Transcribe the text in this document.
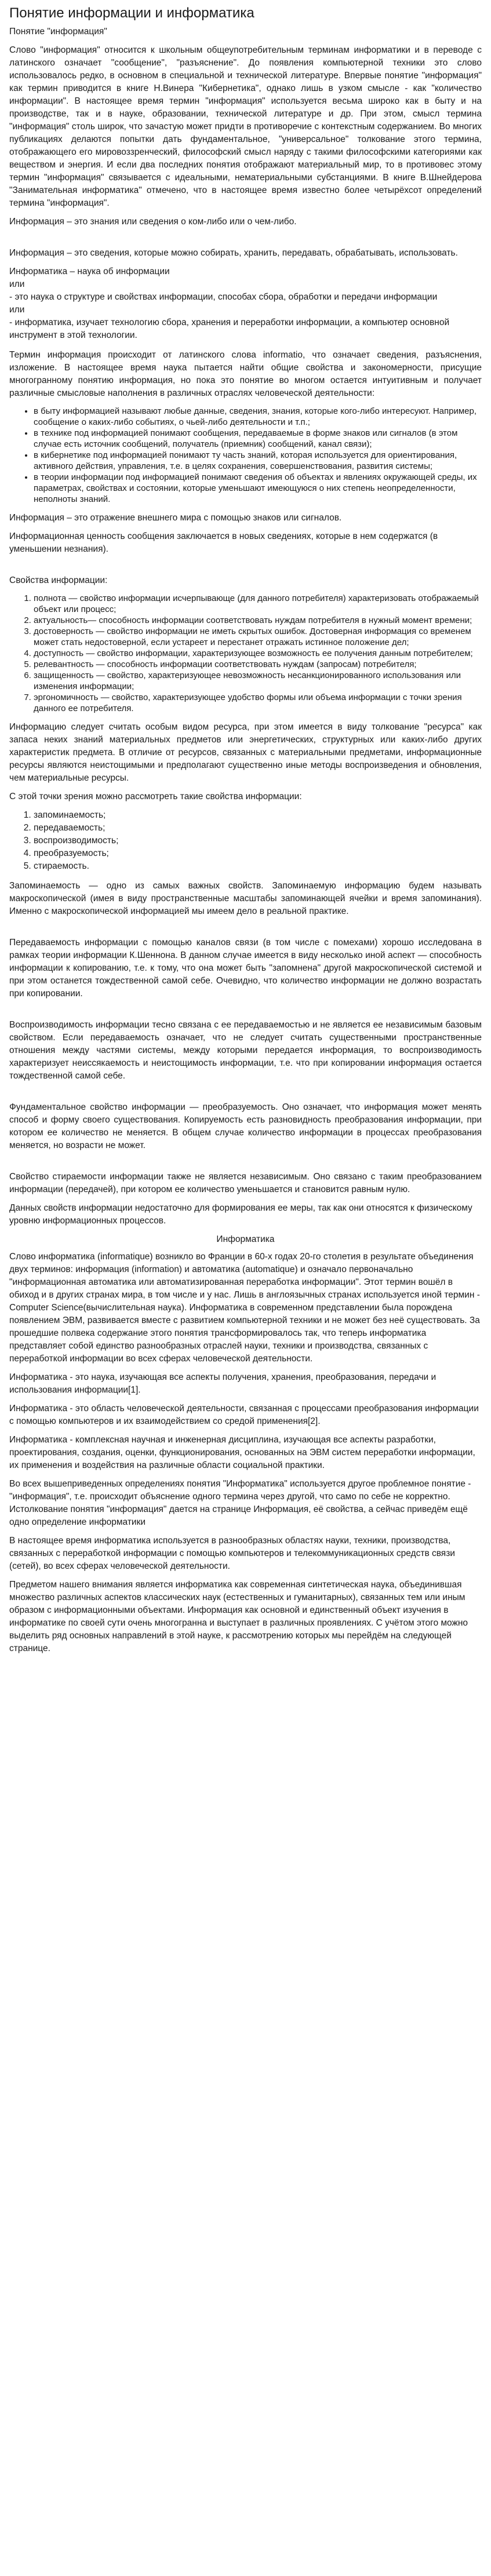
Понятие информации и информатика

Понятие "информация"

Слово "информация" относится к школьным общеупотребительным терминам информатики и в переводе с латинского означает "сообщение", "разъяснение". До появления компьютерной техники это слово использовалось редко, в основном в специальной и технической литературе. Впервые понятие "информация" как термин приводится в книге Н.Винера "Кибернетика", однако лишь в узком смысле - как "количество информации". В настоящее время термин "информация" используется весьма широко как в быту и на производстве, так и в науке, образовании, технической литературе и др. При этом, смысл термина "информация" столь широк, что зачастую может придти в противоречие с контекстным содержанием. Во многих публикациях делаются попытки дать фундаментальное, "универсальное" толкование этого термина, отображающего его мировоззренческий, философский смысл наряду с такими философскими категориями как веществом и энергия. И если два последних понятия отображают материальный мир, то в противовес этому термин "информация" связывается с идеальными, нематериальными субстанциями. В книге В.Шнейдерова "Занимательная информатика" отмечено, что в настоящее время известно более четырёхсот определений термина "информация".

Информация – это знания или сведения о ком-либо или о чем-либо.

Информация – это сведения, которые можно собирать, хранить, передавать, обрабатывать, использовать.

Информатика – наука об информации
или
- это наука о структуре и свойствах информации, способах сбора, обработки и передачи информации
или
- информатика, изучает технологию сбора, хранения и переработки информации, а компьютер основной инструмент в этой технологии.

Термин информация происходит от латинского слова informatio, что означает сведения, разъяснения, изложение. В настоящее время наука пытается найти общие свойства и закономерности, присущие многогранному понятию информация, но пока это понятие во многом остается интуитивным и получает различные смысловые наполнения в различных отраслях человеческой деятельности:

• в быту информацией называют любые данные, сведения, знания, которые кого-либо интересуют. Например, сообщение о каких-либо событиях, о чьей-либо деятельности и т.п.;
• в технике под информацией понимают сообщения, передаваемые в форме знаков или сигналов (в этом случае есть источник сообщений, получатель (приемник) сообщений, канал связи);
• в кибернетике под информацией понимают ту часть знаний, которая используется для ориентирования, активного действия, управления, т.е. в целях сохранения, совершенствования, развития системы;
• в теории информации под информацией понимают сведения об объектах и явлениях окружающей среды, их параметрах, свойствах и состоянии, которые уменьшают имеющуюся о них степень неопределенности, неполноты знаний.

Информация – это отражение внешнего мира с помощью знаков или сигналов.

Информационная ценность сообщения заключается в новых сведениях, которые в нем содержатся (в уменьшении незнания).

Свойства информации:

1. полнота — свойство информации исчерпывающе (для данного потребителя) характеризовать отображаемый объект или процесс;
2. актуальность— способность информации соответствовать нуждам потребителя в нужный момент времени;
3. достоверность — свойство информации не иметь скрытых ошибок. Достоверная информация со временем может стать недостоверной, если устареет и перестанет отражать истинное положение дел;
4. доступность — свойство информации, характеризующее возможность ее получения данным потребителем;
5. релевантность — способность информации соответствовать нуждам (запросам) потребителя;
6. защищенность — свойство, характеризующее невозможность несанкционированного использования или изменения информации;
7. эргономичность — свойство, характеризующее удобство формы или объема информации с точки зрения данного ее потребителя.

Информацию следует считать особым видом ресурса, при этом имеется в виду толкование "ресурса" как запаса неких знаний материальных предметов или энергетических, структурных или каких-либо других характеристик предмета. В отличие от ресурсов, связанных с материальными предметами, информационные ресурсы являются неистощимыми и предполагают существенно иные методы воспроизведения и обновления, чем материальные ресурсы.

С этой точки зрения можно рассмотреть такие свойства информации:

1. запоминаемость;
2. передаваемость;
3. воспроизводимость;
4. преобразуемость;
5. стираемость.

Запоминаемость — одно из самых важных свойств. Запоминаемую информацию будем называть макроскопической (имея в виду пространственные масштабы запоминающей ячейки и время запоминания). Именно с макроскопической информацией мы имеем дело в реальной практике.

Передаваемость информации с помощью каналов связи (в том числе с помехами) хорошо исследована в рамках теории информации К.Шеннона. В данном случае имеется в виду несколько иной аспект — способность информации к копированию, т.е. к тому, что она может быть "запомнена" другой макроскопической системой и при этом останется тождественной самой себе. Очевидно, что количество информации не должно возрастать при копировании.

Воспроизводимость информации тесно связана с ее передаваемостью и не является ее независимым базовым свойством. Если передаваемость означает, что не следует считать существенными пространственные отношения между частями системы, между которыми передается информация, то воспроизводимость характеризует неиссякаемость и неистощимость информации, т.е. что при копировании информация остается тождественной самой себе.

Фундаментальное свойство информации — преобразуемость. Оно означает, что информация может менять способ и форму своего существования. Копируемость есть разновидность преобразования информации, при котором ее количество не меняется. В общем случае количество информации в процессах преобразования меняется, но возрасти не может.

Свойство стираемости информации также не является независимым. Оно связано с таким преобразованием информации (передачей), при котором ее количество уменьшается и становится равным нулю.

Данных свойств информации недостаточно для формирования ее меры, так как они относятся к физическому уровню информационных процессов.

Информатика

Слово информатика (informatique) возникло во Франции в 60-х годах 20-го столетия в результате объединения двух терминов: информация (information) и автоматика (automatique) и означало первоначально "информационная автоматика или автоматизированная переработка информации". Этот термин вошёл в обиход и в других странах мира, в том числе и у нас. Лишь в англоязычных странах используется иной термин - Computer Science(вычислительная наука). Информатика в современном представлении была порождена появлением ЭВМ, развивается вместе с развитием компьютерной техники и не может без неё существовать. За прошедшие полвека содержание этого понятия трансформировалось так, что теперь информатика представляет собой единство разнообразных отраслей науки, техники и производства, связанных с переработкой информации во всех сферах человеческой деятельности.

Информатика - это наука, изучающая все аспекты получения, хранения, преобразования, передачи и использования информации[1].

Информатика - это область человеческой деятельности, связанная с процессами преобразования информации с помощью компьютеров и их взаимодействием со средой применения[2].

Информатика - комплексная научная и инженерная дисциплина, изучающая все аспекты разработки, проектирования, создания, оценки, функционирования, основанных на ЭВМ систем переработки информации, их применения и воздействия на различные области социальной практики.

Во всех вышеприведенных определениях понятия "Информатика" используется другое проблемное понятие - "информация", т.е. происходит объяснение одного термина через другой, что само по себе не корректно. Истолкование понятия "информация" дается на странице Информация, её свойства, а сейчас приведём ещё одно определение информатики

В настоящее время информатика используется в разнообразных областях науки, техники, производства, связанных с переработкой информации с помощью компьютеров и телекоммуникационных средств связи (сетей), во всех сферах человеческой деятельности.

Предметом нашего внимания является информатика как современная синтетическая наука, объединившая множество различных аспектов классических наук (естественных и гуманитарных), связанных тем или иным образом с информационными объектами. Информация как основной и единственный объект изучения в информатике по своей сути очень многогранна и выступает в различных проявлениях. С учётом этого можно выделить ряд основных направлений в этой науке, к рассмотрению которых мы перейдём на следующей странице.
